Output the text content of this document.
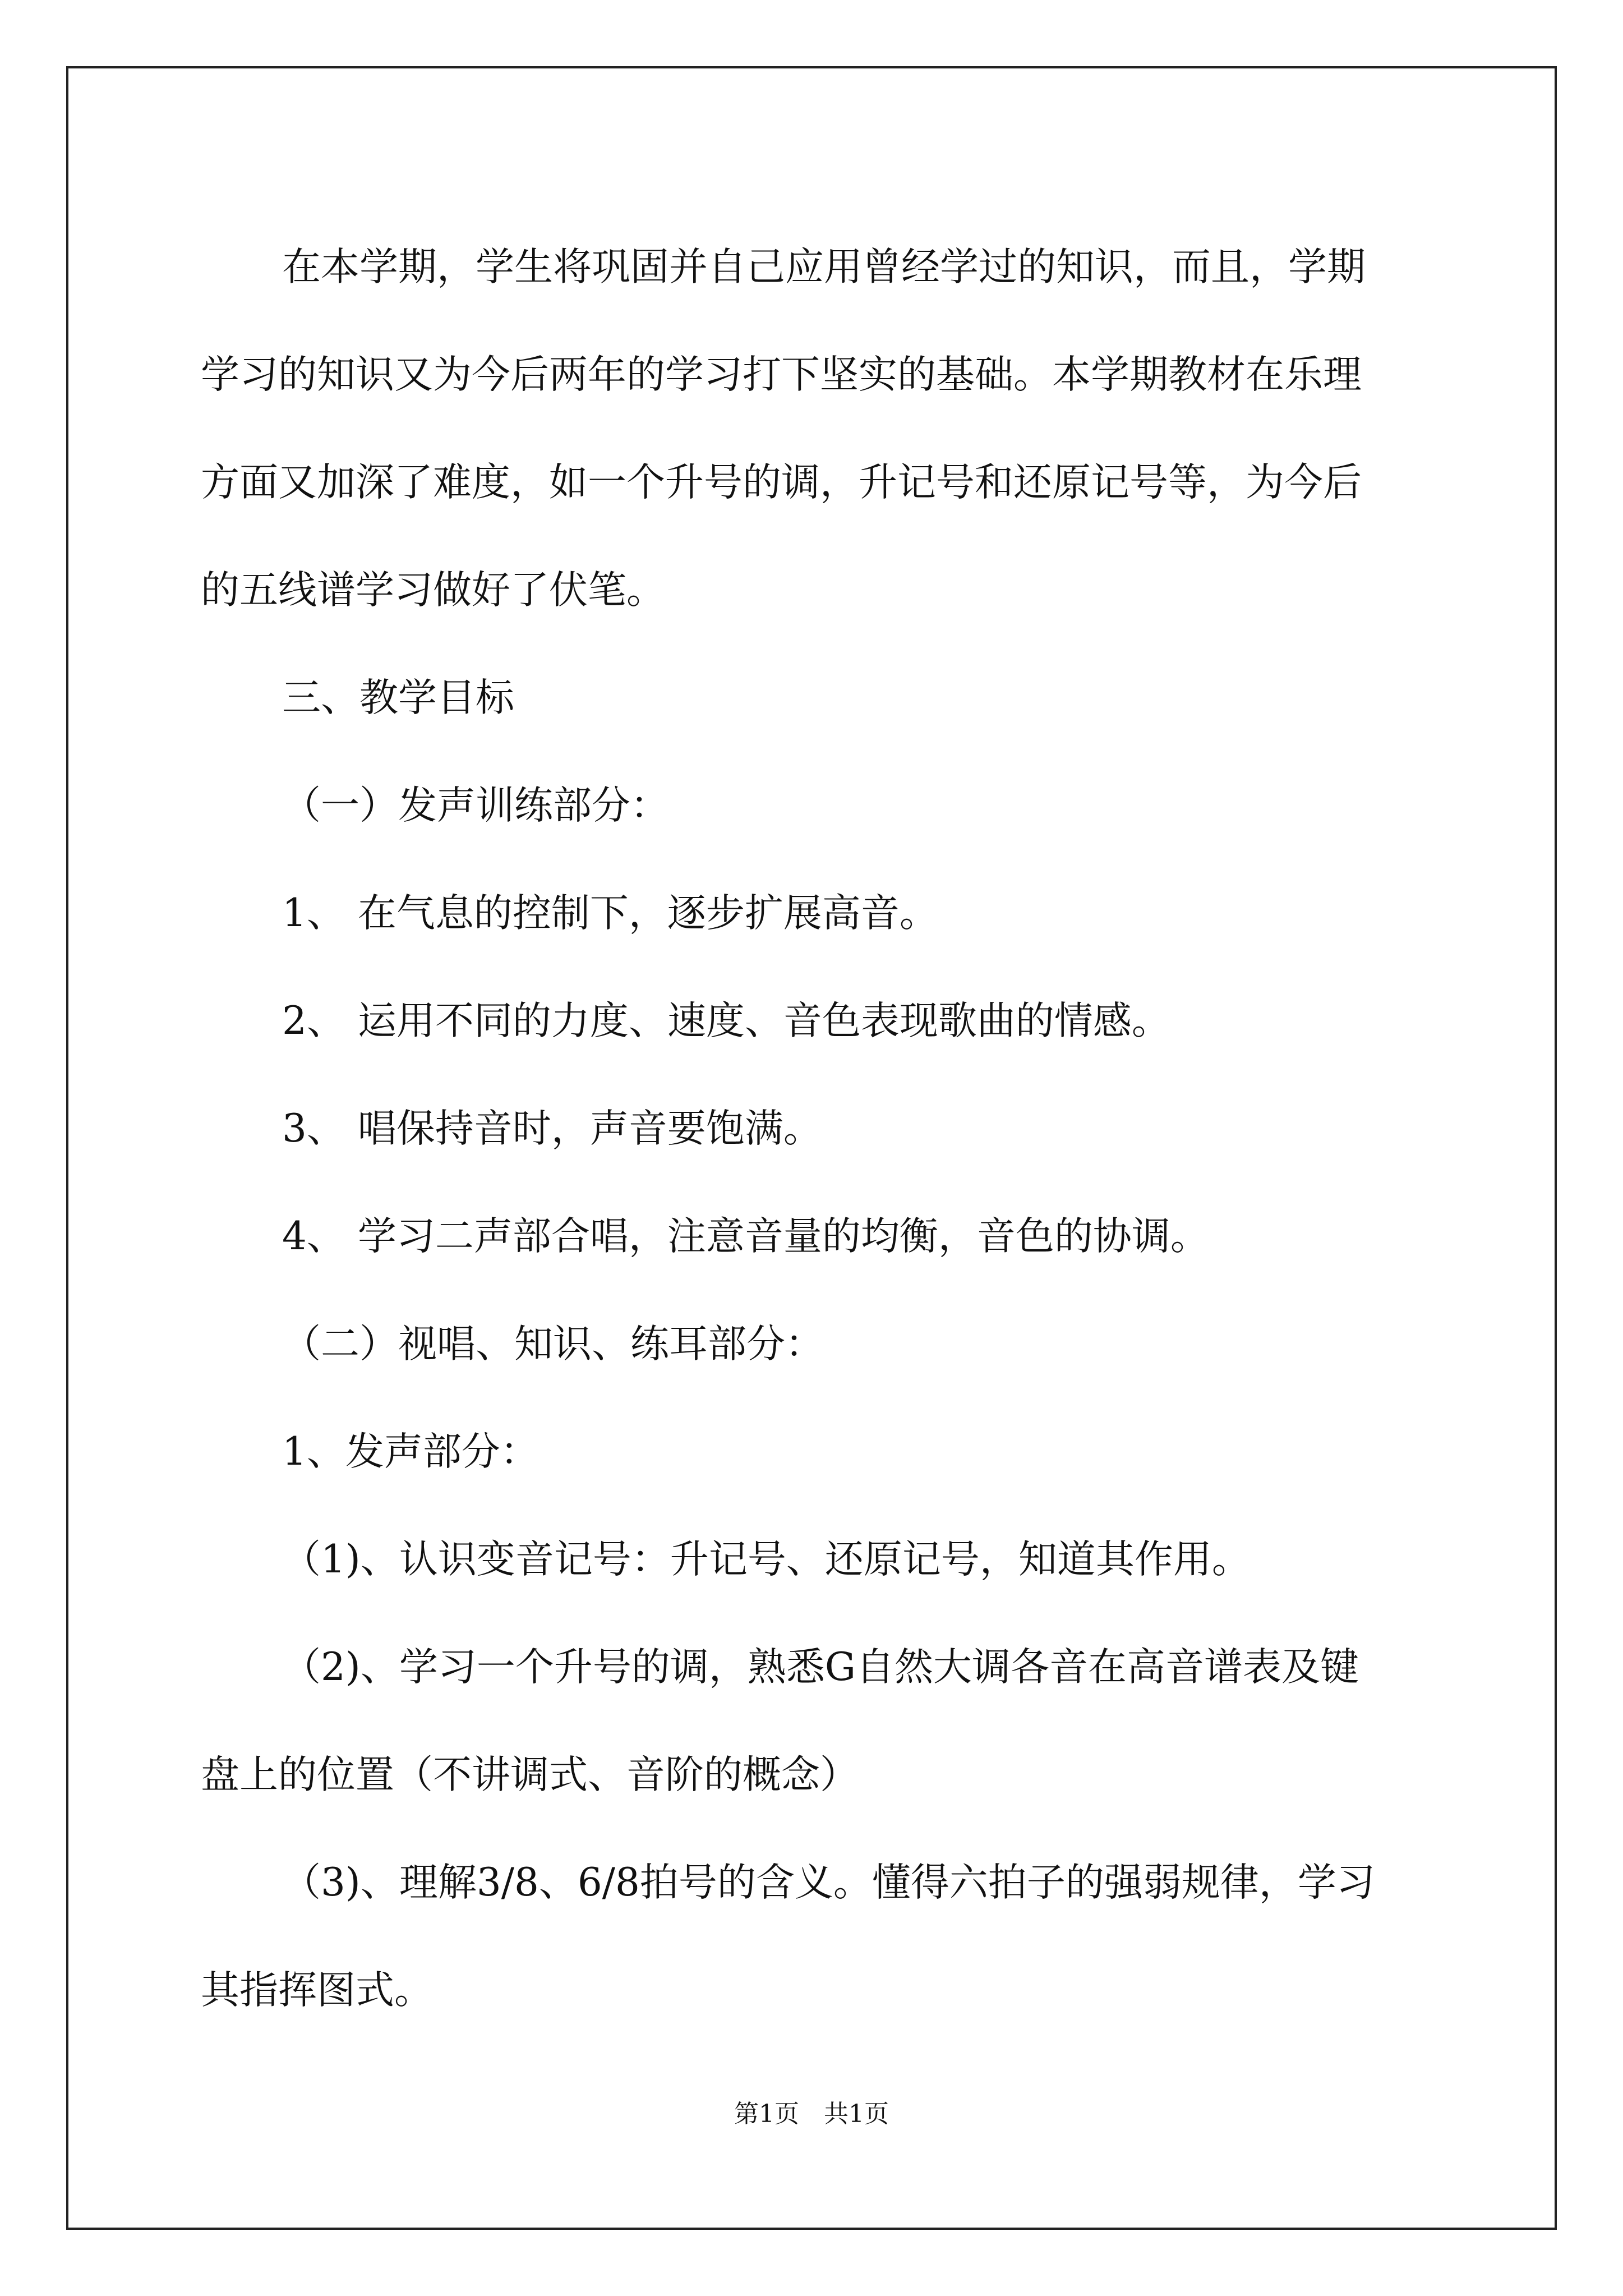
在本学期，学生将巩固并自己应用曾经学过的知识，而且，学期

学习的知识又为今后两年的学习打下坚实的基础。本学期教材在乐理

方面又加深了难度，如一个升号的调，升记号和还原记号等，为今后

的五线谱学习做好了伏笔。

三、教学目标

（一）发声训练部分：

1、 在气息的控制下，逐步扩展高音。

2、 运用不同的力度、速度、音色表现歌曲的情感。

3、 唱保持音时，声音要饱满。

4、 学习二声部合唱，注意音量的均衡，音色的协调。

（二）视唱、知识、练耳部分：

1、发声部分：

（1)、认识变音记号：升记号、还原记号，知道其作用。

（2)、学习一个升号的调，熟悉G自然大调各音在高音谱表及键

盘上的位置（不讲调式、音阶的概念）

（3)、理解3/8、6/8拍号的含义。懂得六拍子的强弱规律，学习

其指挥图式。

第1页　共1页
